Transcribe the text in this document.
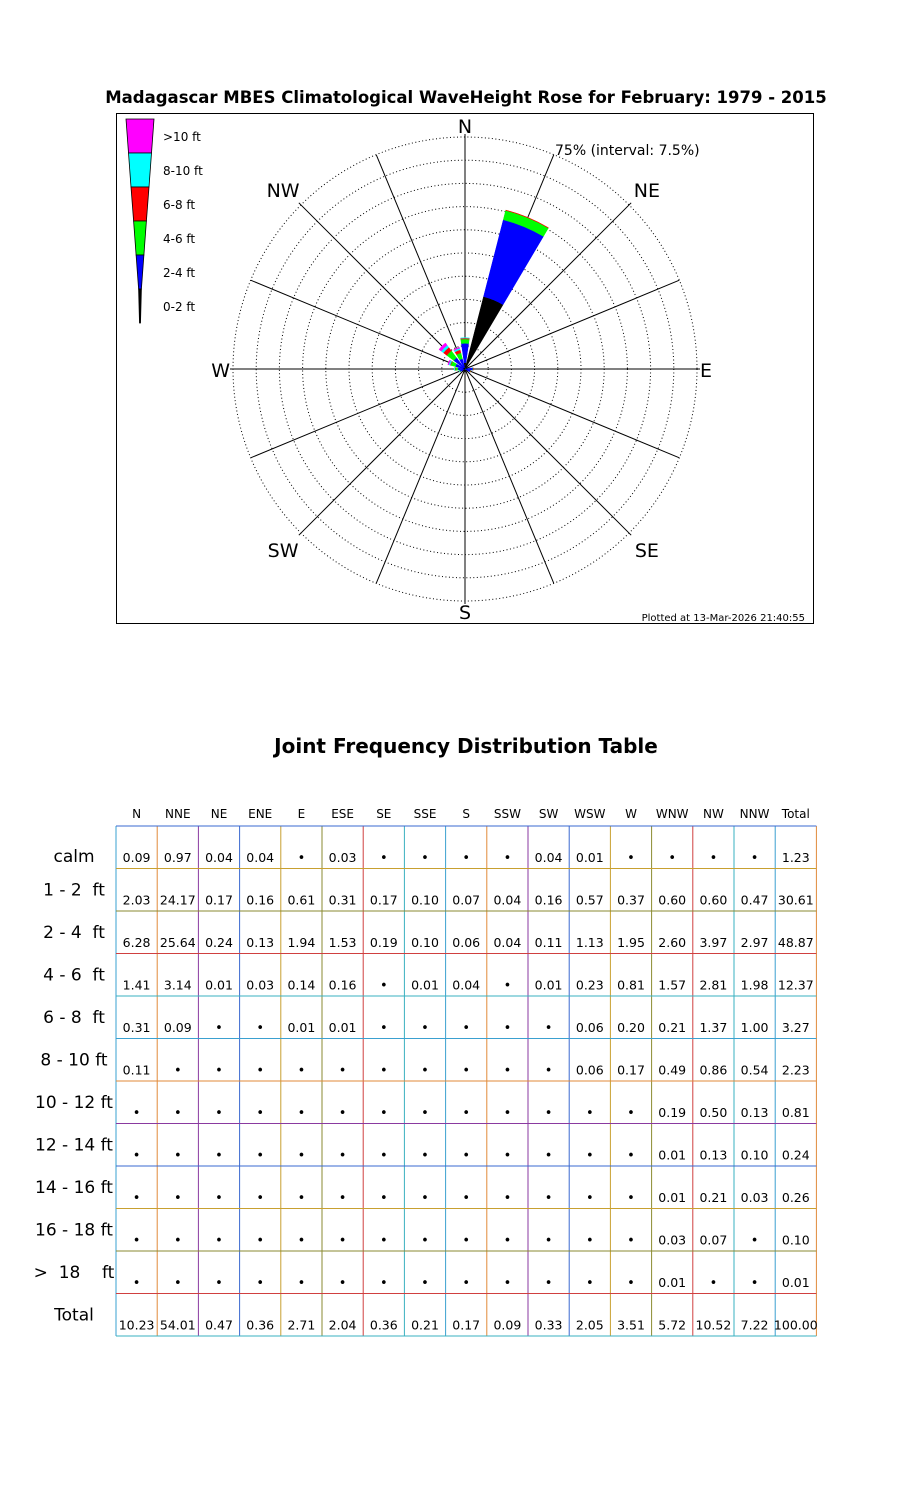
Madagascar MBES Climatological WaveHeight Rose for February: 1979 - 2015
N
NE
E
SE
S
SW
W
NW
75% (interval: 7.5%)
>10 ft
8-10 ft
6-8 ft
4-6 ft
2-4 ft
0-2 ft
Plotted at 13-Mar-2026 21:40:55
Joint Frequency Distribution Table
N NNE NE ENE E ESE SE SSE S SSW SW WSW W WNW NW NNW Total
calm 0.09 0.97 0.04 0.04 • 0.03 •	•	•	• 0.04 0.01 •	•	•	• 1.23
1 - 2  ft 2.03 24.17 0.17 0.16 0.61 0.31 0.17 0.10 0.07 0.04 0.16 0.57 0.37 0.60 0.60 0.47 30.61
2 - 4  ft 6.28 25.64 0.24 0.13 1.94 1.53 0.19 0.10 0.06 0.04 0.11 1.13 1.95 2.60 3.97 2.97 48.87
4 - 6  ft 1.41 3.14 0.01 0.03 0.14 0.16 • 0.01 0.04 • 0.01 0.23 0.81 1.57 2.81 1.98 12.37
6 - 8  ft 0.31 0.09 •	• 0.01 0.01 •	•	•	•	• 0.06 0.20 0.21 1.37 1.00 3.27
8 - 10 ft 0.11 •	•	•	•	•	•	•	•	•	• 0.06 0.17 0.49 0.86 0.54 2.23
10 - 12 ft
•	•	•	•	•	•	•	•	•	•	•	•	• 0.19 0.50 0.13 0.81
12 - 14 ft
•	•	•	•	•	•	•	•	•	•	•	•	• 0.01 0.13 0.10 0.24
14 - 16 ft
•	•	•	•	•	•	•	•	•	•	•	•	• 0.01 0.21 0.03 0.26
16 - 18 ft
•	•	•	•	•	•	•	•	•	•	•	•	• 0.03 0.07 • 0.10
>  18    ft
•	•	•	•	•	•	•	•	•	•	•	•	• 0.01 •	• 0.01
Total 10.23 54.01 0.47 0.36 2.71 2.04 0.36 0.21 0.17 0.09 0.33 2.05 3.51 5.72 10.52 7.22 100.00
